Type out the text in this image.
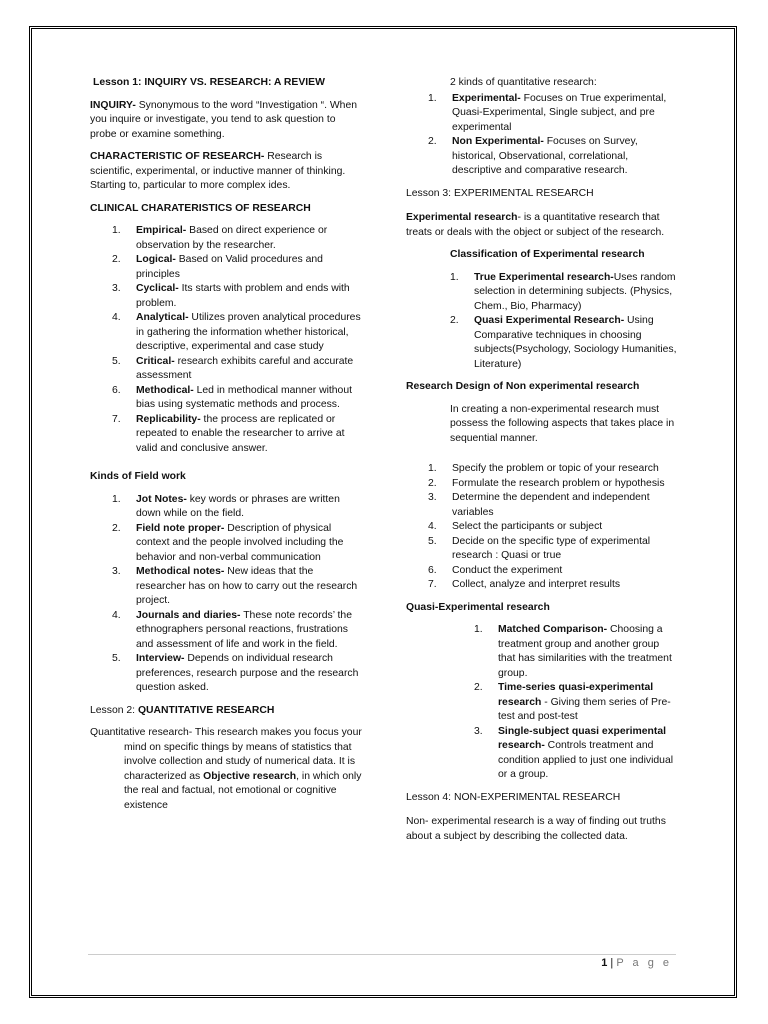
Lesson 1: INQUIRY VS. RESEARCH: A REVIEW

INQUIRY- Synonymous to the word “Investigation “. When you inquire or investigate, you tend to ask question to probe or examine something.

CHARACTERISTIC OF RESEARCH- Research is scientific, experimental, or inductive manner of thinking. Starting to, particular to more complex ides.

CLINICAL CHARATERISTICS OF RESEARCH

1. Empirical- Based on direct experience or observation by the researcher.
2. Logical- Based on Valid procedures and principles
3. Cyclical- Its starts with problem and ends with problem.
4. Analytical- Utilizes proven analytical procedures in gathering the information whether historical, descriptive, experimental and case study
5. Critical- research exhibits careful and accurate assessment
6. Methodical- Led in methodical manner without bias using systematic methods and process.
7. Replicability- the process are replicated or repeated to enable the researcher to arrive at valid and conclusive answer.

Kinds of Field work

1. Jot Notes- key words or phrases are written down while on the field.
2. Field note proper- Description of physical context and the people involved including the behavior and non-verbal communication
3. Methodical notes- New ideas that the researcher has on how to carry out the research project.
4. Journals and diaries- These note records’ the ethnographers personal reactions, frustrations and assessment of life and work in the field.
5. Interview- Depends on individual research preferences, research purpose and the research question asked.

Lesson 2: QUANTITATIVE RESEARCH

Quantitative research- This research makes you focus your mind on specific things by means of statistics that involve collection and study of numerical data. It is characterized as Objective research, in which only the real and factual, not emotional or cognitive existence

2 kinds of quantitative research:

1. Experimental- Focuses on True experimental, Quasi-Experimental, Single subject, and pre experimental
2. Non Experimental- Focuses on Survey, historical, Observational, correlational, descriptive and comparative research.

Lesson 3: EXPERIMENTAL RESEARCH

Experimental research- is a quantitative research that treats or deals with the object or subject of the research.

Classification of Experimental research

1. True Experimental research-Uses random selection in determining subjects. (Physics, Chem., Bio, Pharmacy)
2. Quasi Experimental Research- Using Comparative techniques in choosing subjects(Psychology, Sociology Humanities, Literature)

Research Design of Non experimental research

In creating a non-experimental research must possess the following aspects that takes place in sequential manner.

1. Specify the problem or topic of your research
2. Formulate the research problem or hypothesis
3. Determine the dependent and independent variables
4. Select the participants or subject
5. Decide on the specific type of experimental research : Quasi or true
6. Conduct the experiment
7. Collect, analyze and interpret results

Quasi-Experimental research

1. Matched Comparison- Choosing a treatment group and another group that has similarities with the treatment group.
2. Time-series quasi-experimental research - Giving them series of Pre-test and post-test
3. Single-subject quasi experimental research- Controls treatment and condition applied to just one individual or a group.

Lesson 4: NON-EXPERIMENTAL RESEARCH

Non- experimental research is a way of finding out truths about a subject by describing the collected data.

1 | P a g e
